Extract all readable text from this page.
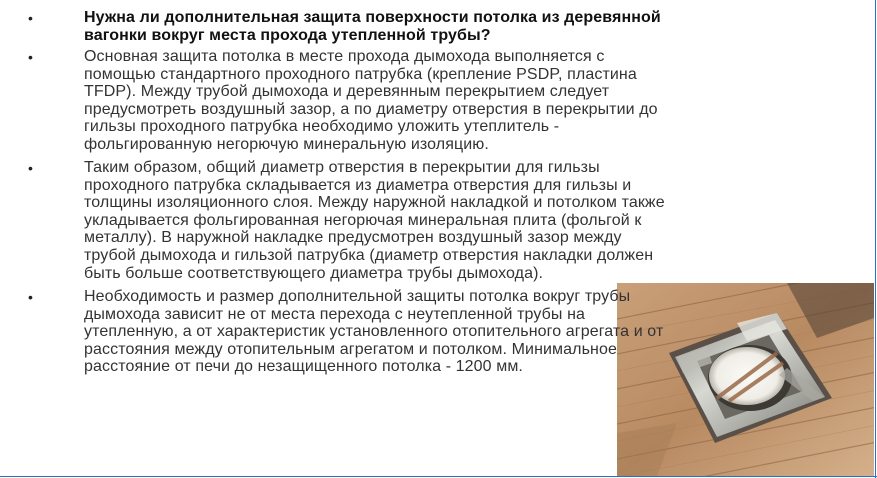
•	Нужна ли дополнительная защита поверхности потолка из деревянной
вагонки вокруг места прохода утепленной трубы?
•	Основная защита потолка в месте прохода дымохода выполняется с
помощью стандартного проходного патрубка (крепление PSDP, пластина
TFDP). Между трубой дымохода и деревянным перекрытием следует
предусмотреть воздушный зазор, а по диаметру отверстия в перекрытии до
гильзы проходного патрубка необходимо уложить утеплитель -
фольгированную негорючую минеральную изоляцию.
•	Таким образом, общий диаметр отверстия в перекрытии для гильзы
проходного патрубка складывается из диаметра отверстия для гильзы и
толщины изоляционного слоя. Между наружной накладкой и потолком также
укладывается фольгированная негорючая минеральная плита (фольгой к
металлу). В наружной накладке предусмотрен воздушный зазор между
трубой дымохода и гильзой патрубка (диаметр отверстия накладки должен
быть больше соответствующего диаметра трубы дымохода).
•	Необходимость и размер дополнительной защиты потолка вокруг трубы
дымохода зависит не от места перехода с неутепленной трубы на
утепленную, а от характеристик установленного отопительного агрегата и от
расстояния между отопительным агрегатом и потолком. Минимальное
расстояние от печи до незащищенного потолка - 1200 мм.
